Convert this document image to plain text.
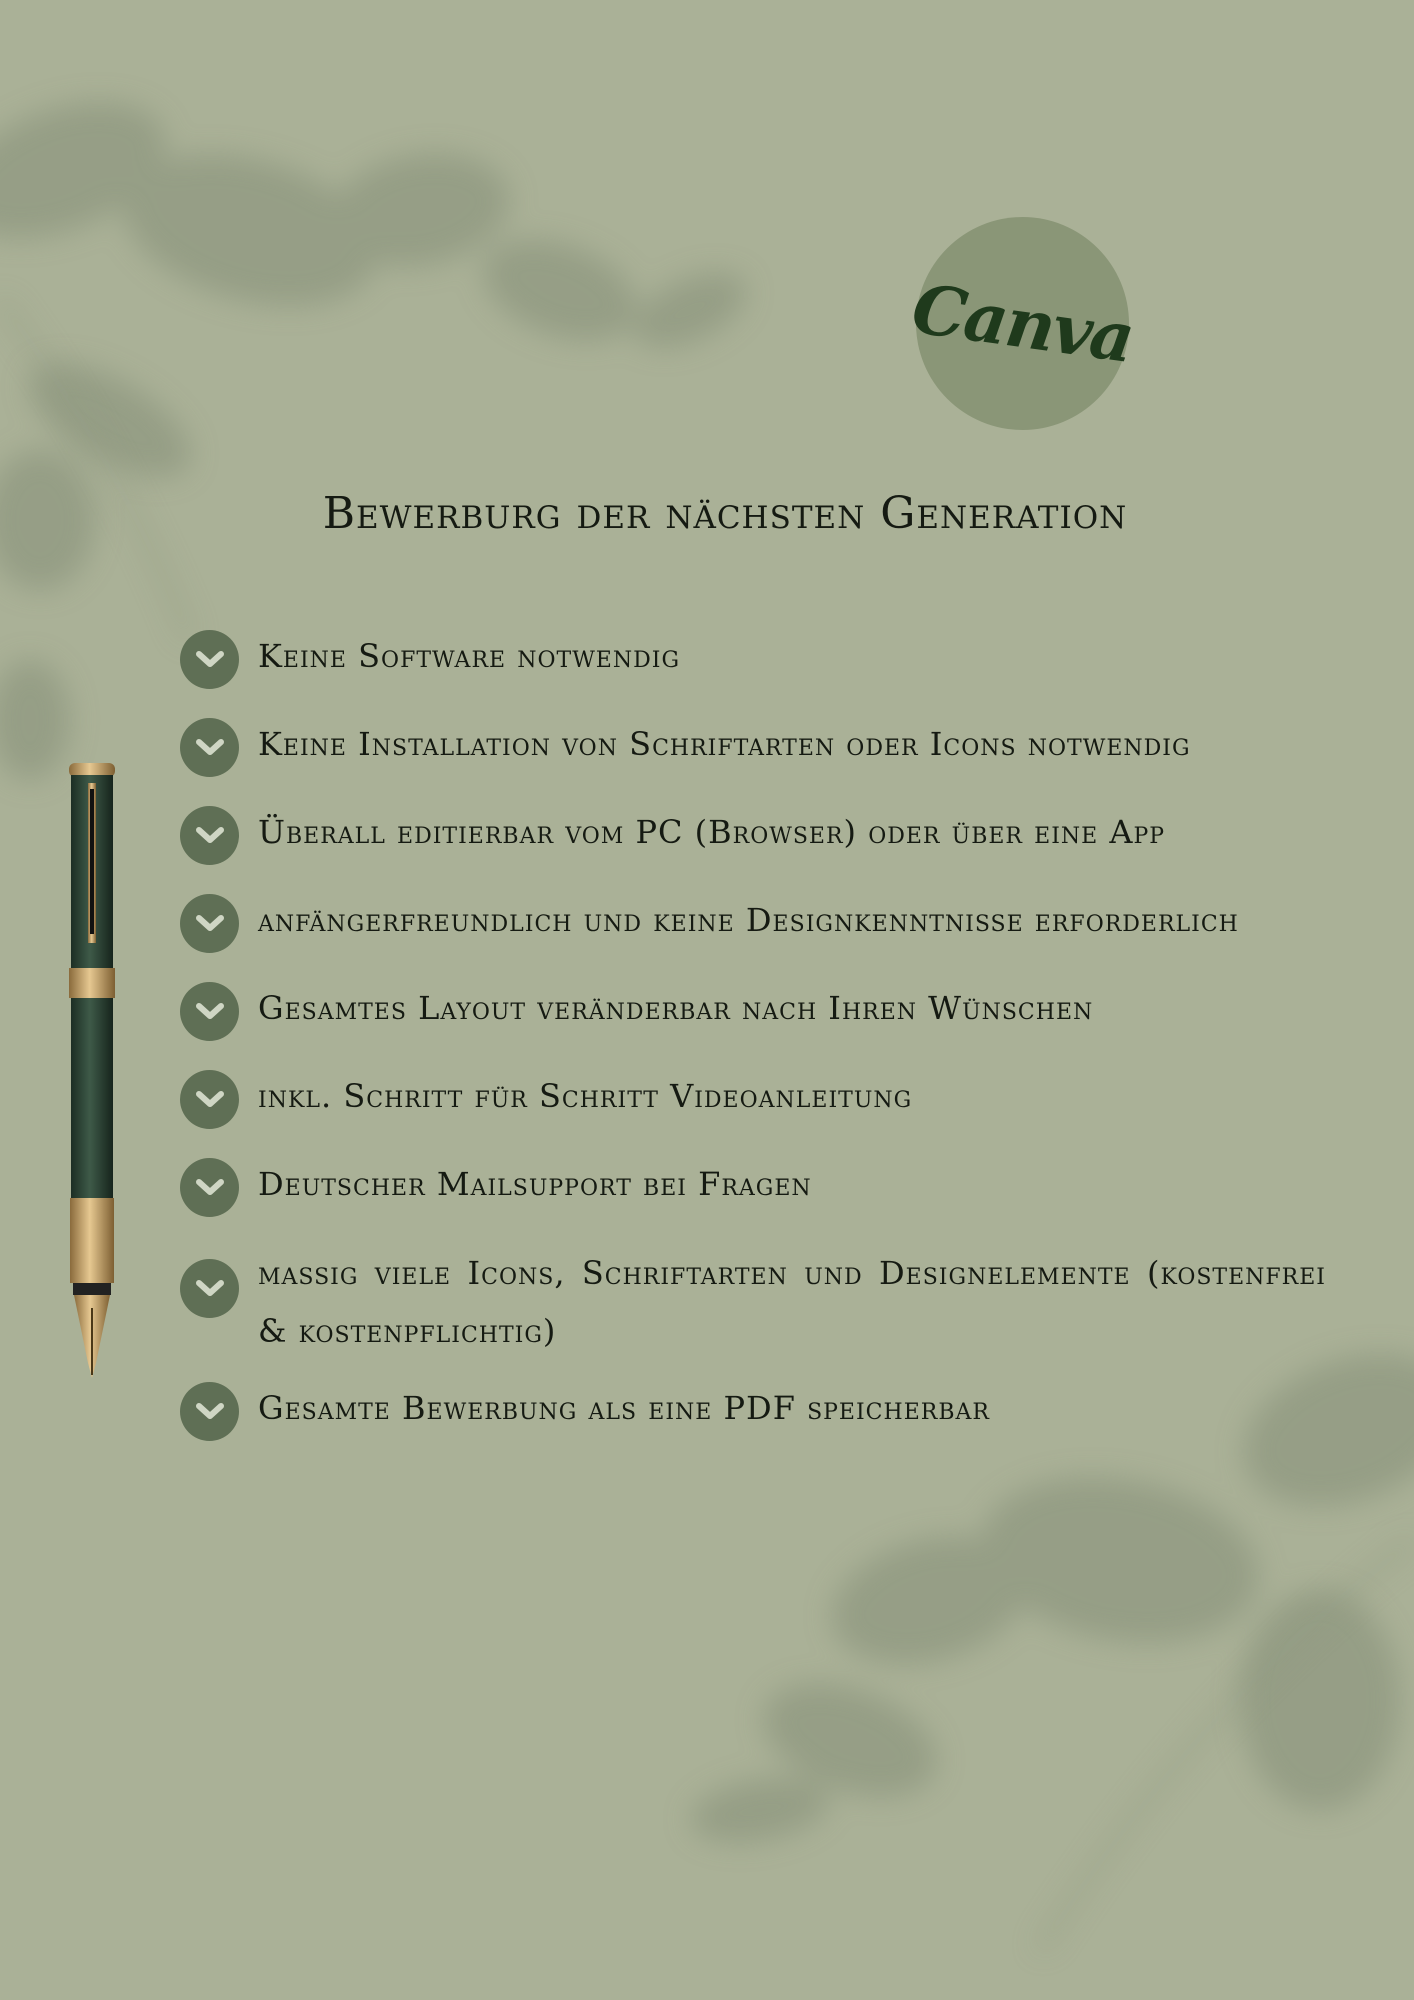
Canva
Bewerburg der nächsten Generation
Keine Software notwendig
Keine Installation von Schriftarten oder Icons notwendig
Überall editierbar vom PC (Browser) oder über eine App
anfängerfreundlich und keine Designkenntnisse erforderlich
Gesamtes Layout veränderbar nach Ihren Wünschen
inkl. Schritt für Schritt Videoanleitung
Deutscher Mailsupport bei Fragen
massig viele Icons, Schriftarten und Designelemente (kostenfrei & kostenpflichtig)
Gesamte Bewerbung als eine PDF speicherbar
